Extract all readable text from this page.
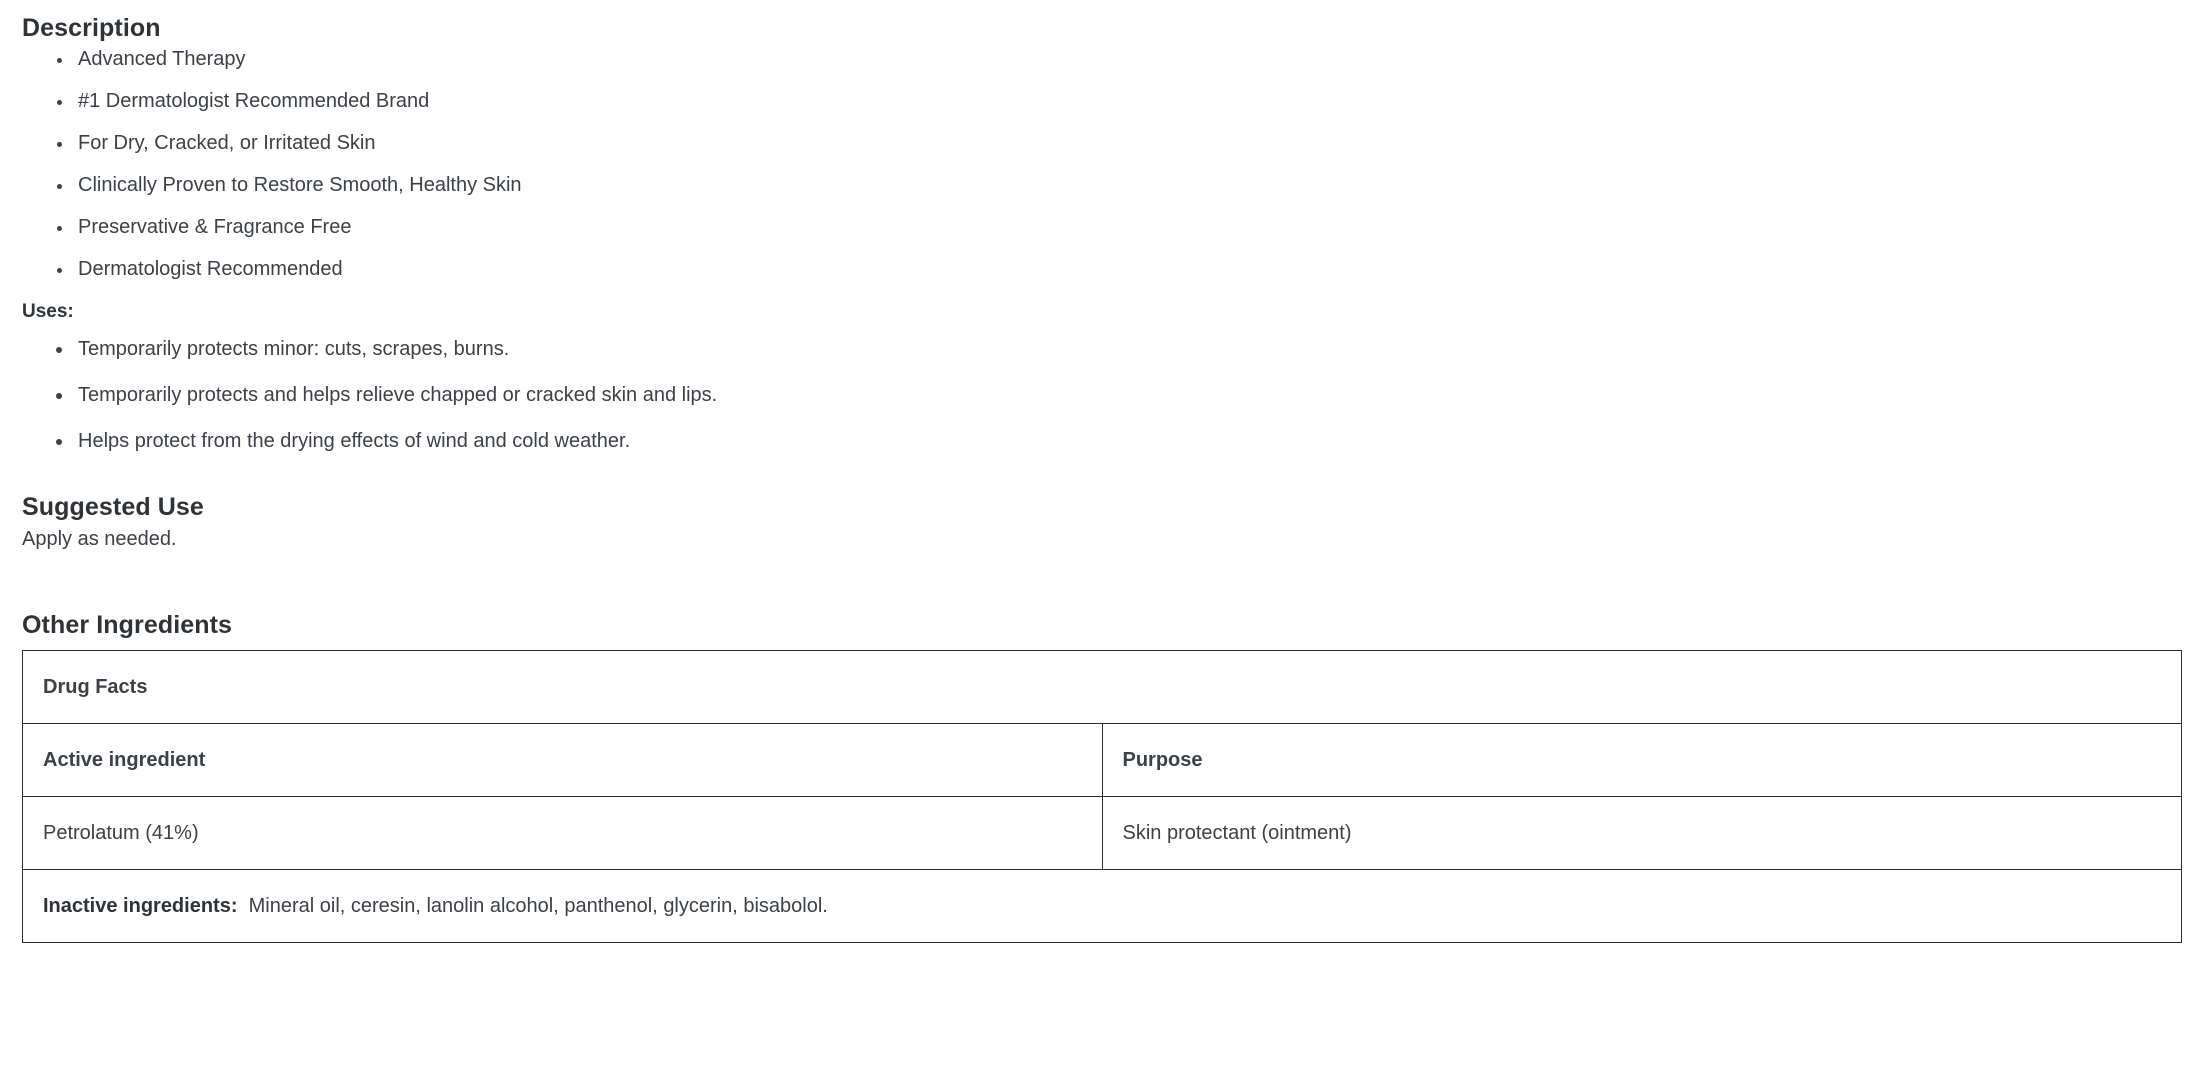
Description
• Advanced Therapy
• #1 Dermatologist Recommended Brand
• For Dry, Cracked, or Irritated Skin
• Clinically Proven to Restore Smooth, Healthy Skin
• Preservative & Fragrance Free
• Dermatologist Recommended

Uses:

• Temporarily protects minor: cuts, scrapes, burns.
• Temporarily protects and helps relieve chapped or cracked skin and lips.
• Helps protect from the drying effects of wind and cold weather.
Suggested Use

Apply as needed.

Other Ingredients
Drug Facts	
Active ingredient	Purpose
Petrolatum (41%)	Skin protectant (ointment)
Inactive ingredients: Mineral oil, ceresin, lanolin alcohol, panthenol, glycerin, bisabolol.	
